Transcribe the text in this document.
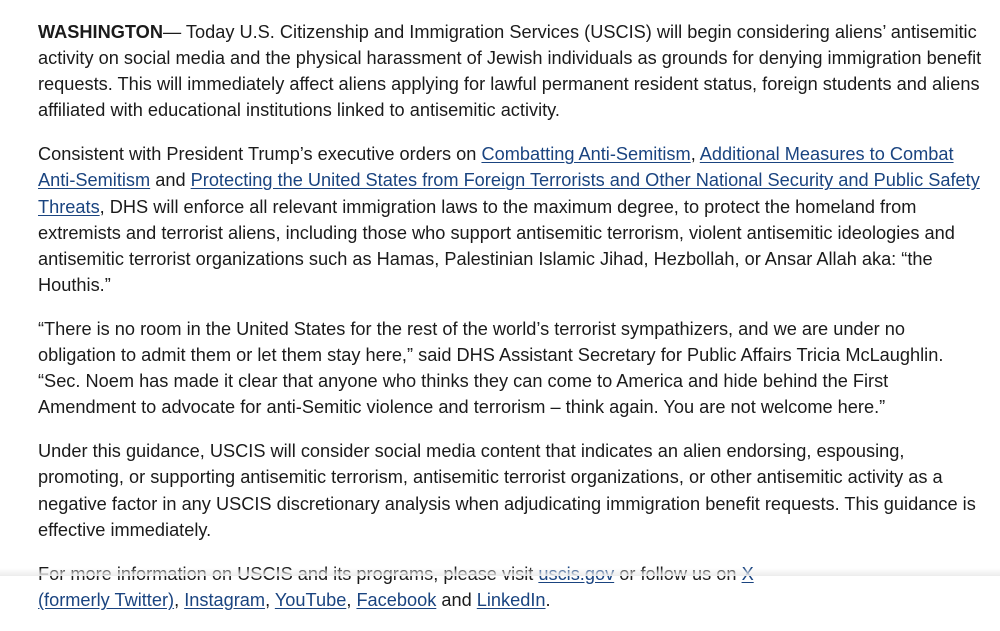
WASHINGTON— Today U.S. Citizenship and Immigration Services (USCIS) will begin considering aliens’ antisemitic activity on social media and the physical harassment of Jewish individuals as grounds for denying immigration benefit requests. This will immediately affect aliens applying for lawful permanent resident status, foreign students and aliens affiliated with educational institutions linked to antisemitic activity.

Consistent with President Trump’s executive orders on Combatting Anti-Semitism, Additional Measures to Combat Anti-Semitism and Protecting the United States from Foreign Terrorists and Other National Security and Public Safety Threats, DHS will enforce all relevant immigration laws to the maximum degree, to protect the homeland from extremists and terrorist aliens, including those who support antisemitic terrorism, violent antisemitic ideologies and antisemitic terrorist organizations such as Hamas, Palestinian Islamic Jihad, Hezbollah, or Ansar Allah aka: “the Houthis.”

“There is no room in the United States for the rest of the world’s terrorist sympathizers, and we are under no obligation to admit them or let them stay here,” said DHS Assistant Secretary for Public Affairs Tricia McLaughlin. “Sec. Noem has made it clear that anyone who thinks they can come to America and hide behind the First Amendment to advocate for anti-Semitic violence and terrorism – think again. You are not welcome here.”

Under this guidance, USCIS will consider social media content that indicates an alien endorsing, espousing, promoting, or supporting antisemitic terrorism, antisemitic terrorist organizations, or other antisemitic activity as a negative factor in any USCIS discretionary analysis when adjudicating immigration benefit requests. This guidance is effective immediately.

For more information on USCIS and its programs, please visit uscis.gov or follow us on X (formerly Twitter), Instagram, YouTube, Facebook and LinkedIn.
